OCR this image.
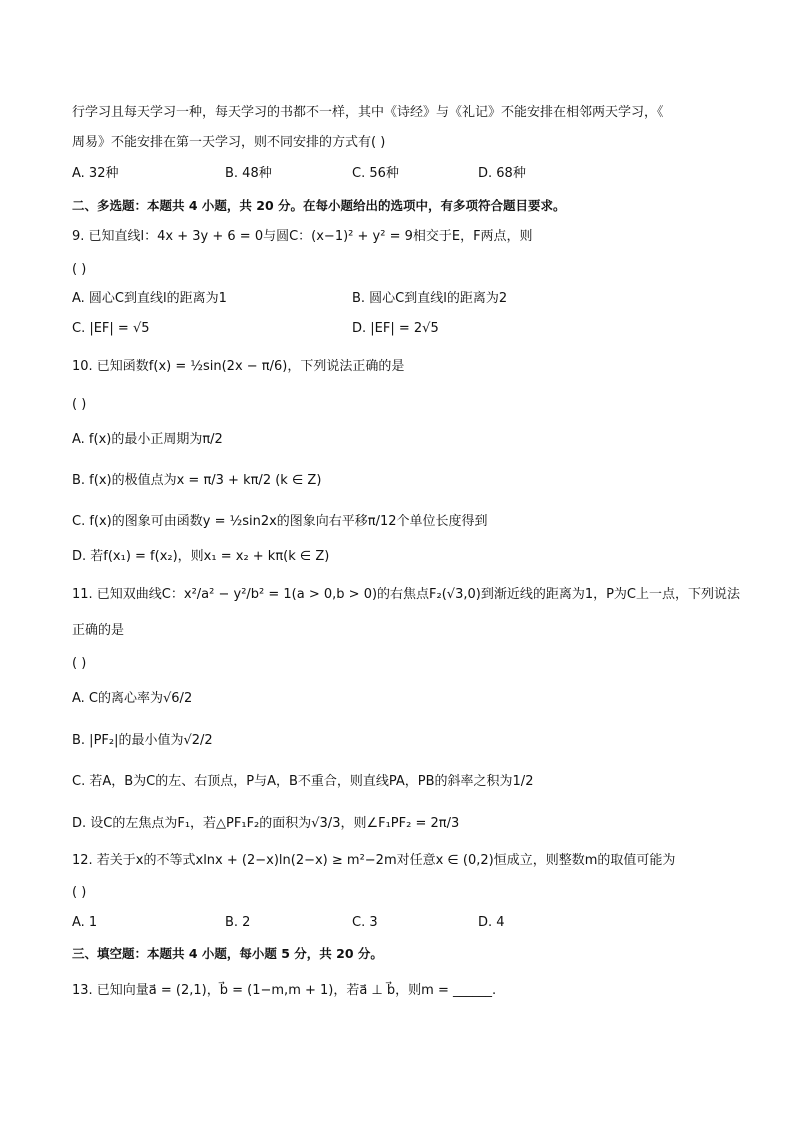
行学习且每天学习一种，每天学习的书都不一样，其中《诗经》与《礼记》不能安排在相邻两天学习，《
周易》不能安排在第一天学习，则不同安排的方式有( )
A. 32种	B. 48种	C. 56种	D. 68种
二、多选题：本题共 4 小题，共 20 分。在每小题给出的选项中，有多项符合题目要求。
9. 已知直线l：4x + 3y + 6 = 0与圆C：(x−1)² + y² = 9相交于E，F两点，则
( )
A. 圆心C到直线l的距离为1	B. 圆心C到直线l的距离为2
C. |EF| = √5	D. |EF| = 2√5
10. 已知函数f(x) = ½sin(2x − π/6)，下列说法正确的是
( )
A. f(x)的最小正周期为π/2
B. f(x)的极值点为x = π/3 + kπ/2 (k ∈ Z)
C. f(x)的图象可由函数y = ½sin2x的图象向右平移π/12个单位长度得到
D. 若f(x₁) = f(x₂)，则x₁ = x₂ + kπ(k ∈ Z)
11. 已知双曲线C：x²/a² − y²/b² = 1(a > 0,b > 0)的右焦点F₂(√3,0)到渐近线的距离为1，P为C上一点，下列说法
正确的是
( )
A. C的离心率为√6/2
B. |PF₂|的最小值为√2/2
C. 若A，B为C的左、右顶点，P与A，B不重合，则直线PA，PB的斜率之积为1/2
D. 设C的左焦点为F₁，若△PF₁F₂的面积为√3/3，则∠F₁PF₂ = 2π/3
12. 若关于x的不等式xlnx + (2−x)ln(2−x) ≥ m²−2m对任意x ∈ (0,2)恒成立，则整数m的取值可能为
( )
A. 1	B. 2	C. 3	D. 4
三、填空题：本题共 4 小题，每小题 5 分，共 20 分。
13. 已知向量a⃗ = (2,1)，b⃗ = (1−m,m + 1)，若a⃗ ⊥ b⃗，则m = ______.
